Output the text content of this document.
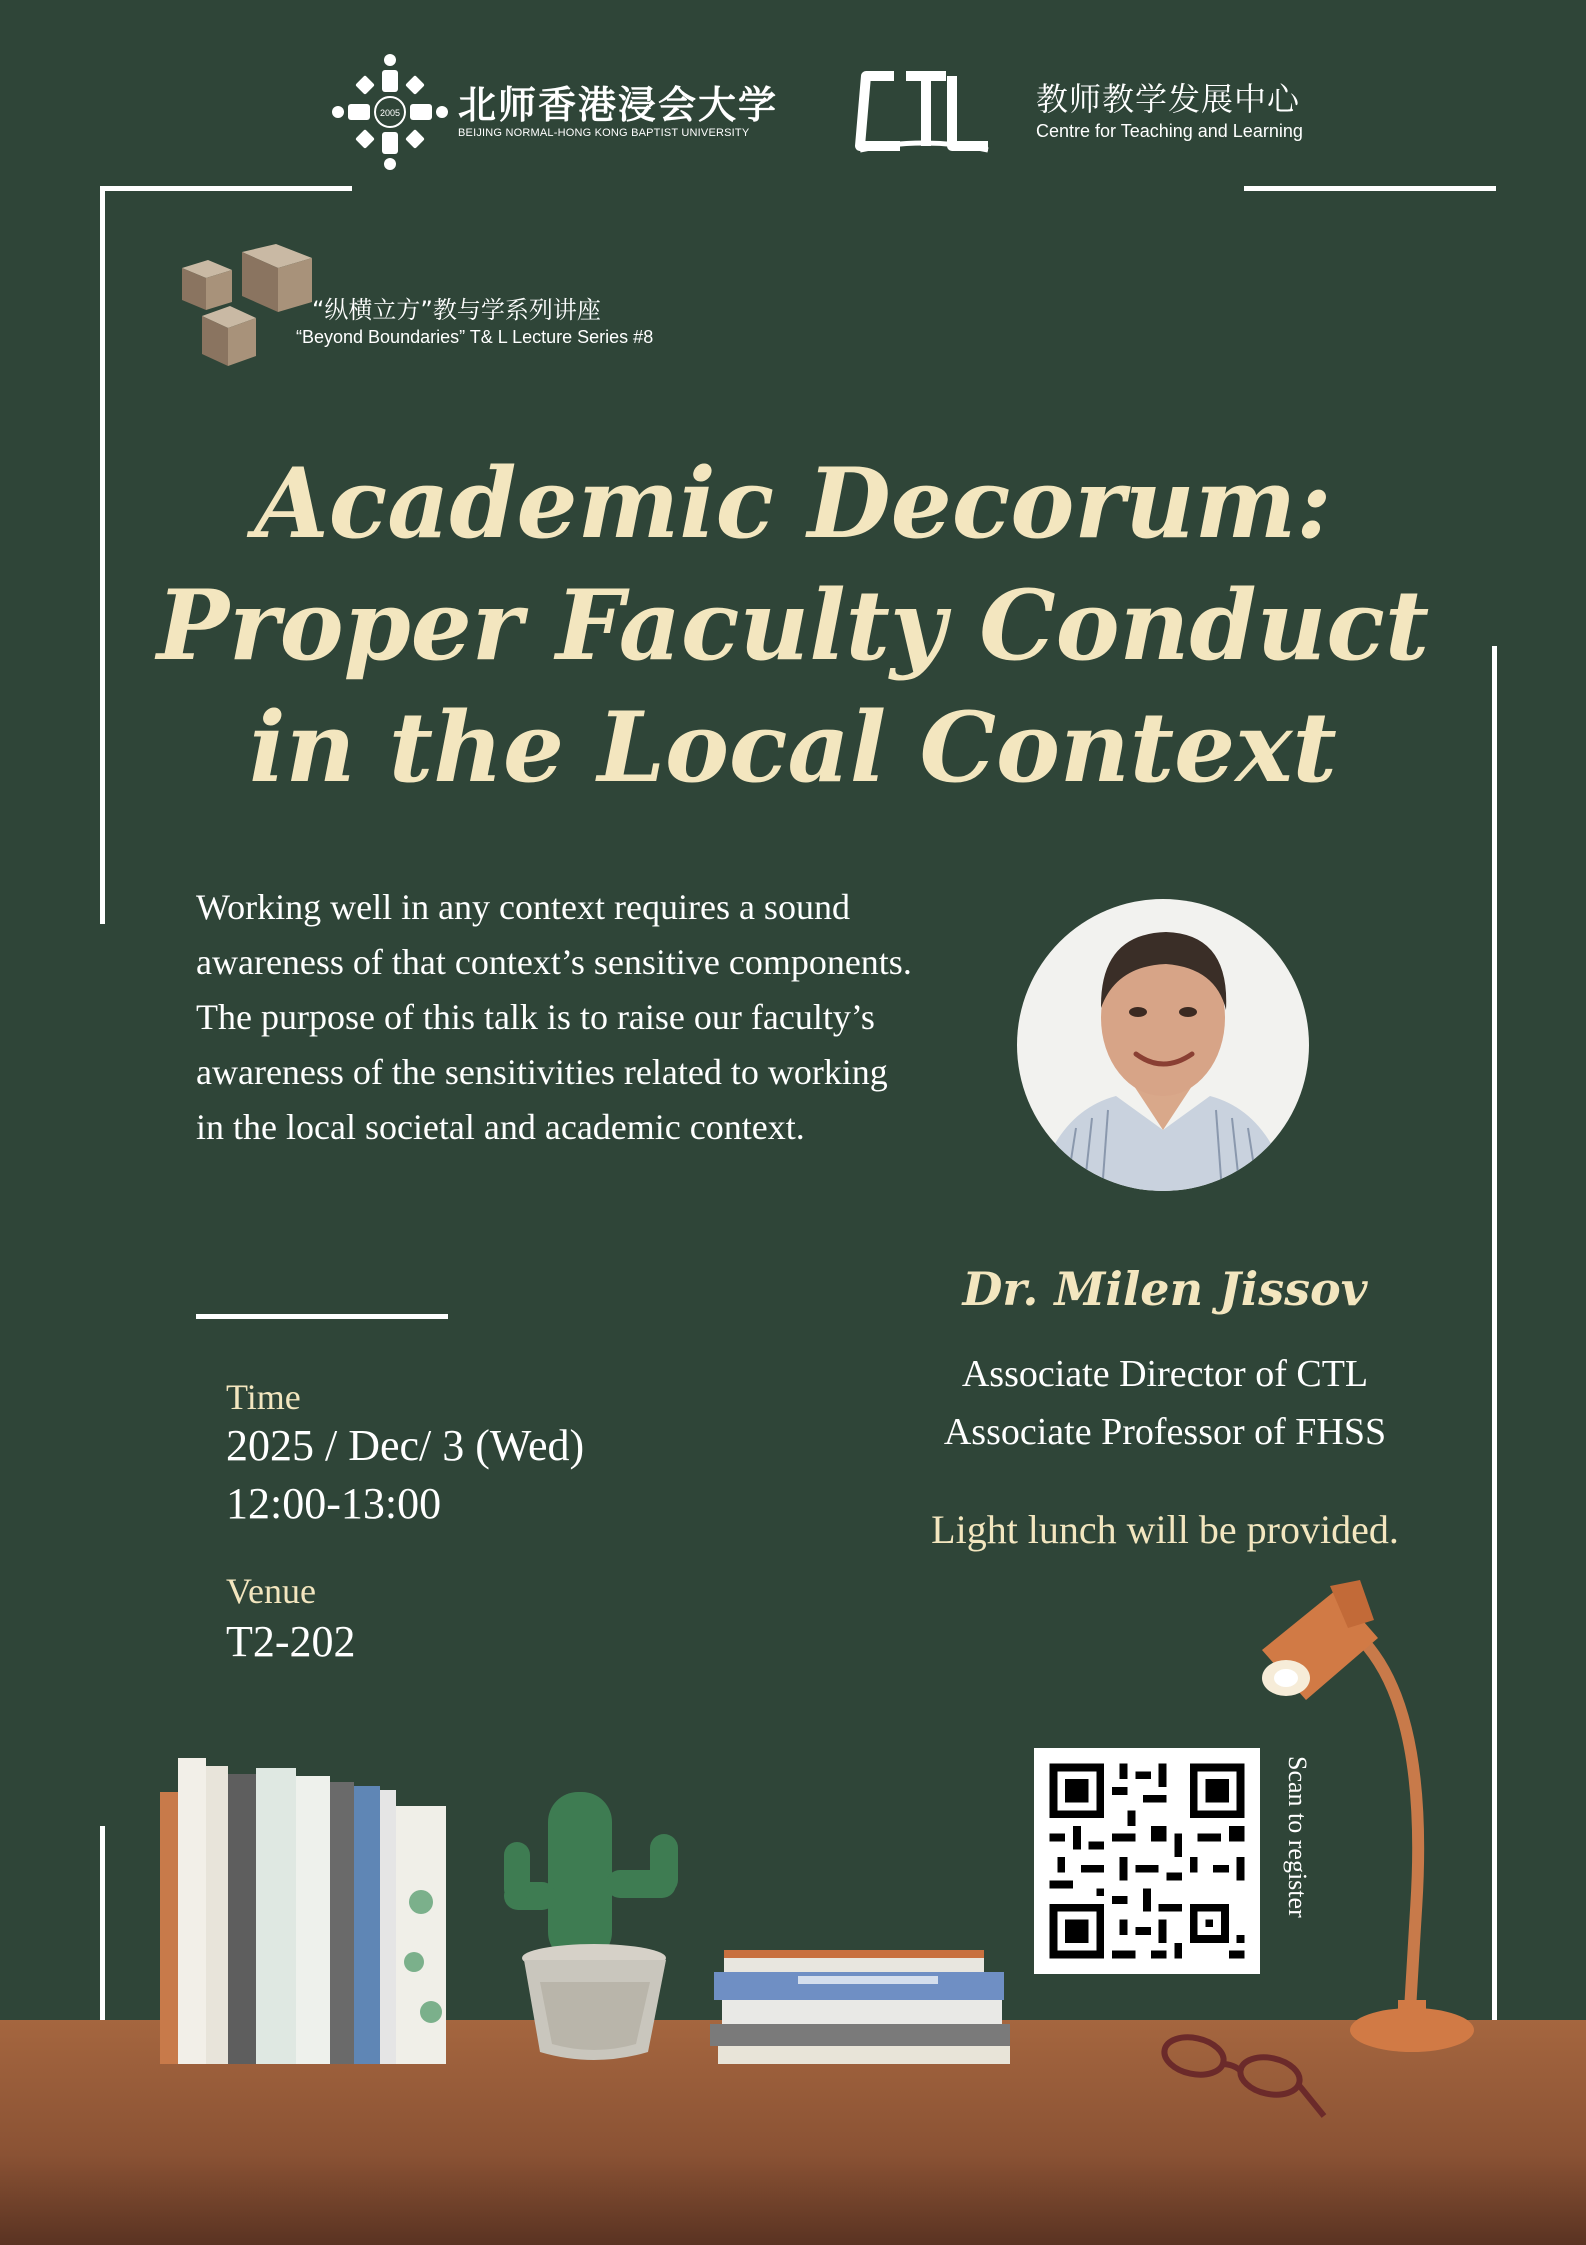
2005 北师香港浸会大学
BEIJING NORMAL-HONG KONG BAPTIST UNIVERSITY
教师教学发展中心
Centre for Teaching and Learning
“纵横立方”教与学系列讲座
“Beyond Boundaries” T& L Lecture Series #8
Academic Decorum:
Proper Faculty Conduct
in the Local Context
Working well in any context requires a sound awareness of that context’s sensitive components. The purpose of this talk is to raise our faculty’s awareness of the sensitivities related to working in the local societal and academic context.
Time
2025 / Dec/ 3 (Wed)
12:00-13:00
Venue
T2-202
Dr. Milen Jissov
Associate Director of CTL
Associate Professor of FHSS
Light lunch will be provided.
Scan to register
